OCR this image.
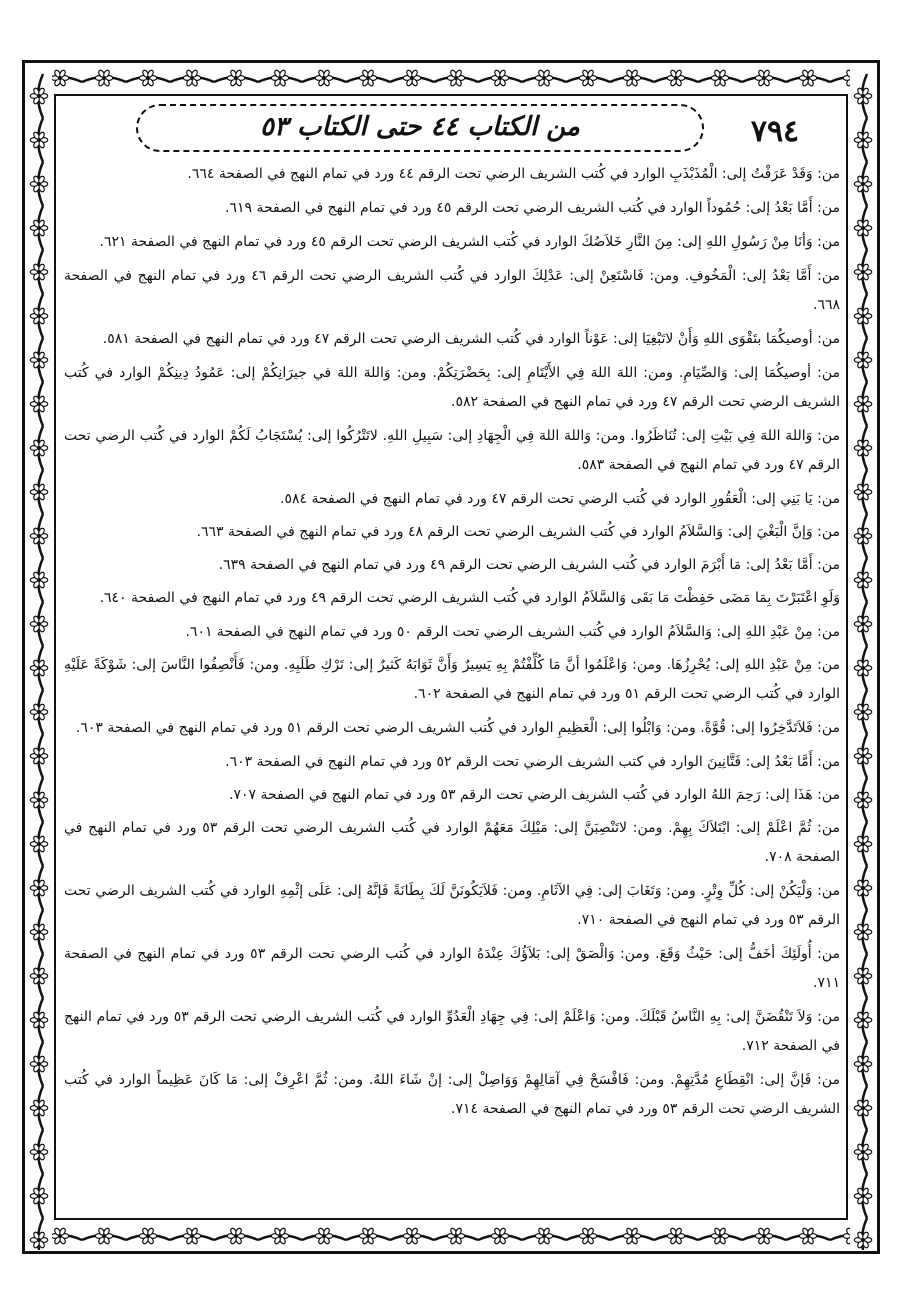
٧٩٤
من الكتاب ٤٤ حتى الكتاب ٥٣

من: وَقَدْ عَرَفْتُ إلى: الْمُذَبْذَبِ الوارد في كُتب الشريف الرضي تحت الرقم ٤٤ ورد في تمام النهج في الصفحة ٦٦٤.

من: أَمَّا بَعْدُ إلى: حُمُوداً الوارد في كُتب الشريف الرضي تحت الرقم ٤٥ ورد في تمام النهج في الصفحة ٦١٩.

من: وَأنَا مِنْ رَسُولِ اللهِ إلى: مِنَ النَّارِ خَلاَصُكَ الوارد في كُتب الشريف الرضي تحت الرقم ٤٥ ورد في تمام النهج في الصفحة ٦٢١.

من: أَمَّا بَعْدُ إلى: الْمَخُوفِ. ومن: فَاسْتَعِنْ إلى: عَدْلِكَ الوارد في كُتب الشريف الرضي تحت الرقم ٤٦ ورد في تمام النهج في الصفحة ٦٦٨.

من: أوصيكُمَا بتَقْوَى اللهِ وَأَنْ لاتَبْغِيَا إلى: عَوْناً الوارد في كُتب الشريف الرضي تحت الرقم ٤٧ ورد في تمام النهج في الصفحة ٥٨١.

من: أوصيكُمَا إلى: وَالصِّيَامِ. ومن: اللهَ اللهَ فِي الأَيْتَامِ إلى: بِحَضْرَتِكُمْ. ومن: وَاللهَ اللهَ في جيرَانِكُمْ إلى: عَمُودُ دِينِكُمْ الوارد في كُتب الشريف الرضي تحت الرقم ٤٧ ورد في تمام النهج في الصفحة ٥٨٢.

من: وَاللهَ اللهَ فِي بَيْتِ إلى: تُنَاظَرُوا. ومن: وَاللهَ اللهَ فِي الْجِهَادِ إلى: سَبِيلِ اللهِ. لاتَتْرُكُوا إلى: يُسْتَجَابُ لَكُمْ الوارد في كُتب الرضي تحت الرقم ٤٧ ورد في تمام النهج في الصفحة ٥٨٣.

من: يَا بَنِي إلى: الْعَقُورِ الوارد في كُتب الرضي تحت الرقم ٤٧ ورد في تمام النهج في الصفحة ٥٨٤.

من: وَإنَّ الْبَغْيَ إلى: وَالسَّلاَمُ الوارد في كُتب الشريف الرضي تحت الرقم ٤٨ ورد في تمام النهج في الصفحة ٦٦٣.

من: أَمَّا بَعْدُ إلى: مَا أَبْرَمَ الوارد في كُتب الشريف الرضي تحت الرقم ٤٩ ورد في تمام النهج في الصفحة ٦٣٩.

وَلَوِ اعْتَبَرْتَ بِمَا مَضَى حَفِظْتَ مَا بَقَى وَالسَّلاَمُ الوارد في كُتب الشريف الرضي تحت الرقم ٤٩ ورد في تمام النهج في الصفحة ٦٤٠.

من: مِنْ عَبْدِ اللهِ إلى: وَالسَّلاَمُ الوارد في كُتب الشريف الرضي تحت الرقم ٥٠ ورد في تمام النهج في الصفحة ٦٠١.

من: مِنْ عَبْدِ اللهِ إلى: يُحْرِزُهَا. ومن: وَاعْلَمُوا أنَّ مَا كُلِّفْتُمْ بِهِ يَسِيرٌ وَأَنَّ ثَوَابَهُ كَثيرٌ إلى: تَرْكِ طَلَبِهِ. ومن: فَأَنْصِفُوا النَّاسَ إلى: شَوْكَةً عَلَيْهِ الوارد في كُتب الرضي تحت الرقم ٥١ ورد في تمام النهج في الصفحة ٦٠٢.

من: فَلاَتَدَّخِرُوا إلى: قُوَّةً. ومن: وَابْلُوا إلى: الْعَظِيمِ الوارد في كُتب الشريف الرضي تحت الرقم ٥١ ورد في تمام النهج في الصفحة ٦٠٣.

من: أَمَّا بَعْدُ إلى: فَتَّانِينَ الوارد في كتب الشريف الرضي تحت الرقم ٥٢ ورد في تمام النهج في الصفحة ٦٠٣.

من: هَذَا إلى: رَحِمَ اللهُ الوارد في كُتب الشريف الرضي تحت الرقم ٥٣ ورد في تمام النهج في الصفحة ٧٠٧.

من: ثُمَّ اعْلَمْ إلى: ابْتَلاَكَ بِهِمْ. ومن: لاتَنْصِبَنَّ إلى: مَيْلِكَ مَعَهُمْ الوارد في كُتب الشريف الرضي تحت الرقم ٥٣ ورد في تمام النهج في الصفحة ٧٠٨.

من: وَلْيَكُنْ إلى: كُلِّ وِتْرٍ. ومن: وَتَغَابَ إلى: فِي الآثَامِ. ومن: فَلاَيَكُونَنَّ لَكَ بِطَانَةً فَإنَّهُ إلى: عَلَى إثْمِهِ الوارد في كُتب الشريف الرضي تحت الرقم ٥٣ ورد في تمام النهج في الصفحة ٧١٠.

من: أُولَئِكَ أخَفُّ إلى: حَيْثُ وَقَعَ. ومن: وَالْصَقْ إلى: بَلاَؤُكَ عِنْدَهُ الوارد في كُتب الرضي تحت الرقم ٥٣ ورد في تمام النهج في الصفحة ٧١١.

من: وَلاَ تَنْقُضَنَّ إلى: بِهِ النَّاسُ قَبْلَكَ. ومن: وَاعْلَمْ إلى: فِي جِهَادِ الْعَدُوِّ الوارد في كُتب الشريف الرضي تحت الرقم ٥٣ ورد في تمام النهج في الصفحة ٧١٢.

من: فَإنَّ إلى: انْقِطَاعِ مُدَّتِهِمْ. ومن: فَافْسَحْ فِي آمَالِهِمْ وَوَاصِلْ إلى: إنْ شَاءَ اللهُ. ومن: ثُمَّ اعْرِفْ إلى: مَا كَانَ عَظِيماً الوارد في كُتب الشريف الرضي تحت الرقم ٥٣ ورد في تمام النهج في الصفحة ٧١٤.
